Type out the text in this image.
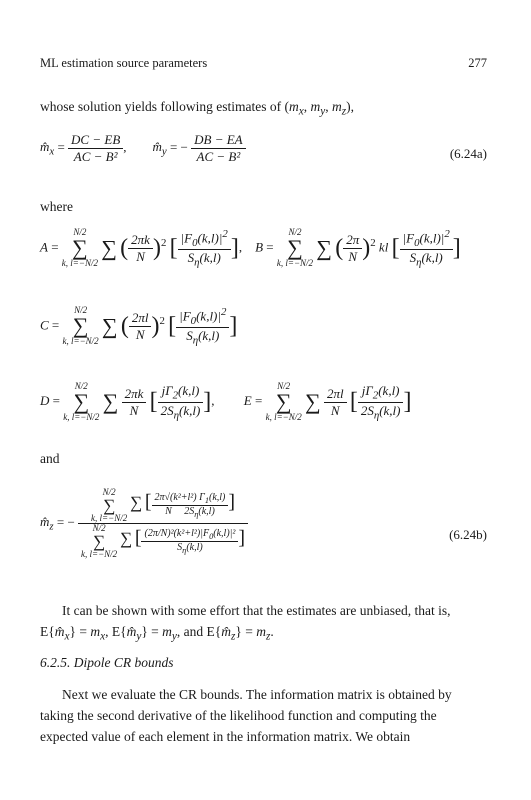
ML estimation source parameters	277
whose solution yields following estimates of ($m_x$, $m_y$, $m_z$),
$m̂_x = \frac{DC - EB}{\text{AC − B²}}$ ,        $m̂_y$ = − $\frac{DB - EA}{\text{AC − B²}}$	(6.24a)
where
A =
N/2
∑
k, l=−N/2
∑ ( $\frac{2\pi k}{N} )^2$ [ $\frac{|F_0(k,l)|^2}{S_\eta(k,l)}$ ],    B =
N/2
∑
k, l=−N/2
∑ ( $\frac{2\pi}{N} )^2$ kl [ $\frac{|F_0(k,l)|^2}{S_\eta(k,l)}$ ]
C =
N/2
∑
k, l=−N/2
∑ ( $\frac{2\pi l}{N} )^2$ [ $\frac{|F_0(k,l)|^2}{S_\eta(k,l)}$ ]
D =
N/2
∑
k, l=−N/2
∑ $\frac{2\pi k}{N}$ [ $\frac{j\Gamma_2(k,l)}{2S_\eta(k,l)}$ ],         E =
N/2
∑
k, l=−N/2
∑ $\frac{2\pi l}{N}$ [ $\frac{j\Gamma_2(k,l)}{2S_\eta(k,l)}$ ]
and
$m̂_z$ = −
N/2
∑
k, l=−N/2
∑ [ $\frac{2\pi√(k^2+l^2) \Gamma_1(k,l)}{N 2S_\eta(k,l)}$ ]
N/2
∑
k, l=−N/2
∑ [ $\frac{(2\pi/N)^2(k^2+l^2)|F_0(k,l)|^2}{S_\eta(k,l)}$ ]	(6.24b)
It can be shown with some effort that the estimates are unbiased, that is, $E\{m̂_x\} = m_x$, $E\{m̂_y\} = m_y$, and $E\{m̂_z\} = m_z$.
6.2.5. Dipole CR bounds
Next we evaluate the CR bounds. The information matrix is obtained by taking the second derivative of the likelihood function and computing the expected value of each element in the information matrix. We obtain
